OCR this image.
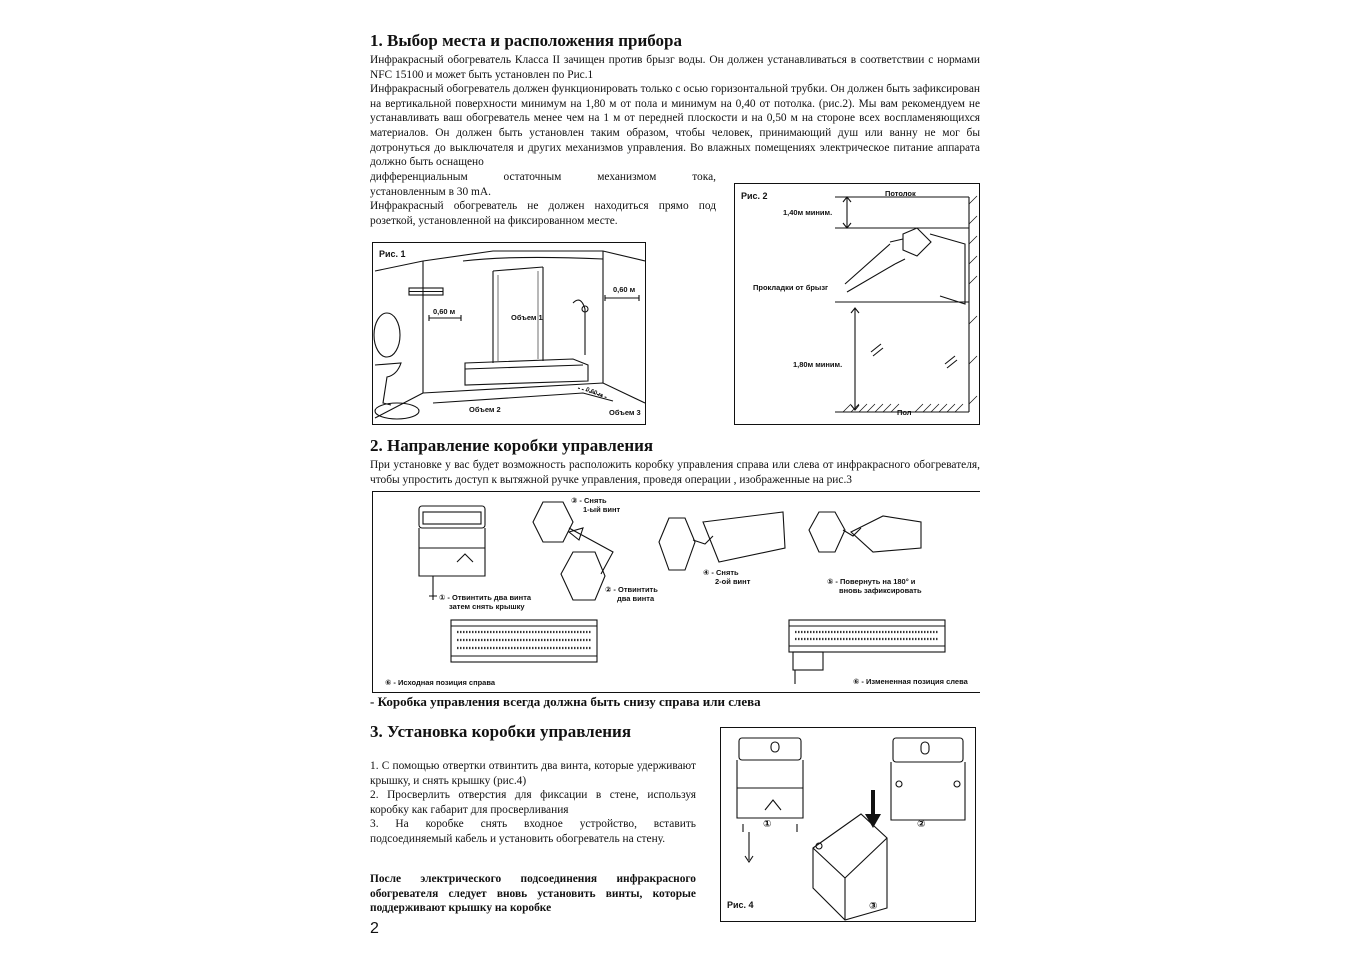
1. Выбор места и расположения прибора

Инфракрасный обогреватель Класса II зачищен против брызг воды. Он должен устанавливаться в соответствии с нормами NFC 15100 и может быть установлен по Рис.1

Инфракрасный обогреватель должен функционировать только с осью горизонтальной трубки. Он должен быть зафиксирован на вертикальной поверхности минимум на 1,80 м от пола и минимум на 0,40 от потолка. (рис.2). Мы вам рекомендуем не устанавливать ваш обогреватель менее чем на 1 м от передней плоскости и на 0,50 м на стороне всех воспламеняющихся материалов. Он должен быть установлен таким образом, чтобы человек, принимающий душ или ванну не мог бы дотронуться до выключателя и других механизмов управления. Во влажных помещениях электрическое питание аппарата должно быть оснащено

дифференциальным остаточным механизмом тока,

установленным в 30 mA.

Инфракрасный обогреватель не должен находиться прямо под розеткой, установленной на фиксированном месте.

Рис. 1
0,60 м
0,60 м
Объем 1
Объем 2	Объем 3
0,60 м
Рис. 2	Потолок
1,40м миним.
Прокладки от брызг
1,80м миним.
Пол
2. Направление коробки управления
При установке у вас будет возможность расположить коробку управления справа или слева от инфракрасного обогревателя, чтобы упростить доступ к вытяжной ручке управления, проведя операции , изображенные на рис.3
① - Отвинтить два винта
затем снять крышку
② - Отвинтить
два винта
③ - Снять
1-ый винт
④ - Снять
2-ой винт	⑤ - Повернуть на 180° и
вновь зафиксировать
⑥ - Исходная позиция справа	⑥ - Измененная позиция слева
- Коробка управления всегда должна быть снизу справа или слева
3. Установка коробки управления

1. С помощью отвертки отвинтить два винта, которые удерживают крышку, и снять крышку (рис.4)

2. Просверлить отверстия для фиксации в стене, используя коробку как габарит для просверливания

3. На коробке снять входное устройство, вставить подсоединяемый кабель и установить обогреватель на стену.

После электрического подсоединения инфракрасного обогревателя следует вновь установить винты, которые поддерживают крышку на коробке	Рис. 4
①	②
③
2
